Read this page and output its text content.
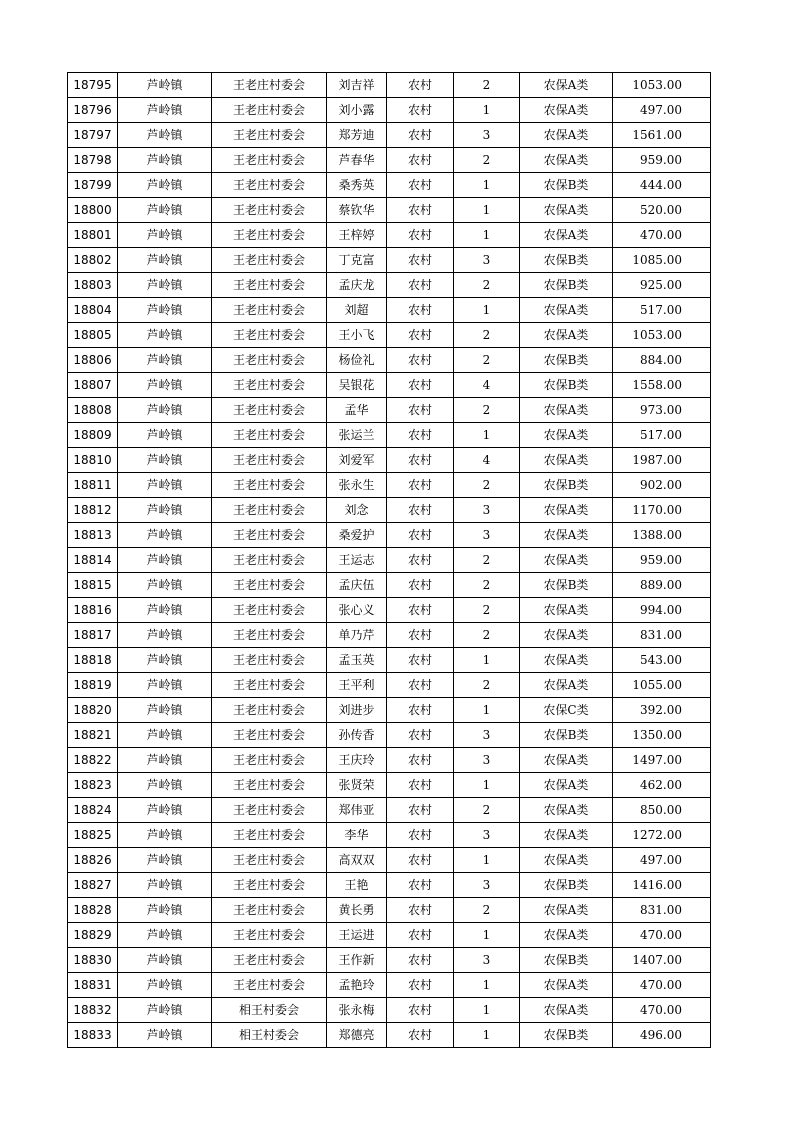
18795	芦岭镇	王老庄村委会	刘吉祥	农村	2	农保A类	1053.00
18796	芦岭镇	王老庄村委会	刘小露	农村	1	农保A类	497.00
18797	芦岭镇	王老庄村委会	郑芳迪	农村	3	农保A类	1561.00
18798	芦岭镇	王老庄村委会	芦春华	农村	2	农保A类	959.00
18799	芦岭镇	王老庄村委会	桑秀英	农村	1	农保B类	444.00
18800	芦岭镇	王老庄村委会	蔡钦华	农村	1	农保A类	520.00
18801	芦岭镇	王老庄村委会	王梓婷	农村	1	农保A类	470.00
18802	芦岭镇	王老庄村委会	丁克富	农村	3	农保B类	1085.00
18803	芦岭镇	王老庄村委会	孟庆龙	农村	2	农保B类	925.00
18804	芦岭镇	王老庄村委会	刘超	农村	1	农保A类	517.00
18805	芦岭镇	王老庄村委会	王小飞	农村	2	农保A类	1053.00
18806	芦岭镇	王老庄村委会	杨俭礼	农村	2	农保B类	884.00
18807	芦岭镇	王老庄村委会	吴银花	农村	4	农保B类	1558.00
18808	芦岭镇	王老庄村委会	孟华	农村	2	农保A类	973.00
18809	芦岭镇	王老庄村委会	张运兰	农村	1	农保A类	517.00
18810	芦岭镇	王老庄村委会	刘爱军	农村	4	农保A类	1987.00
18811	芦岭镇	王老庄村委会	张永生	农村	2	农保B类	902.00
18812	芦岭镇	王老庄村委会	刘念	农村	3	农保A类	1170.00
18813	芦岭镇	王老庄村委会	桑爱护	农村	3	农保A类	1388.00
18814	芦岭镇	王老庄村委会	王运志	农村	2	农保A类	959.00
18815	芦岭镇	王老庄村委会	孟庆伍	农村	2	农保B类	889.00
18816	芦岭镇	王老庄村委会	张心义	农村	2	农保A类	994.00
18817	芦岭镇	王老庄村委会	单乃芹	农村	2	农保A类	831.00
18818	芦岭镇	王老庄村委会	孟玉英	农村	1	农保A类	543.00
18819	芦岭镇	王老庄村委会	王平利	农村	2	农保A类	1055.00
18820	芦岭镇	王老庄村委会	刘进步	农村	1	农保C类	392.00
18821	芦岭镇	王老庄村委会	孙传香	农村	3	农保B类	1350.00
18822	芦岭镇	王老庄村委会	王庆玲	农村	3	农保A类	1497.00
18823	芦岭镇	王老庄村委会	张贤荣	农村	1	农保A类	462.00
18824	芦岭镇	王老庄村委会	郑伟亚	农村	2	农保A类	850.00
18825	芦岭镇	王老庄村委会	李华	农村	3	农保A类	1272.00
18826	芦岭镇	王老庄村委会	高双双	农村	1	农保A类	497.00
18827	芦岭镇	王老庄村委会	王艳	农村	3	农保B类	1416.00
18828	芦岭镇	王老庄村委会	黄长勇	农村	2	农保A类	831.00
18829	芦岭镇	王老庄村委会	王运进	农村	1	农保A类	470.00
18830	芦岭镇	王老庄村委会	王作新	农村	3	农保B类	1407.00
18831	芦岭镇	王老庄村委会	孟艳玲	农村	1	农保A类	470.00
18832	芦岭镇	相王村委会	张永梅	农村	1	农保A类	470.00
18833	芦岭镇	相王村委会	郑德亮	农村	1	农保B类	496.00
